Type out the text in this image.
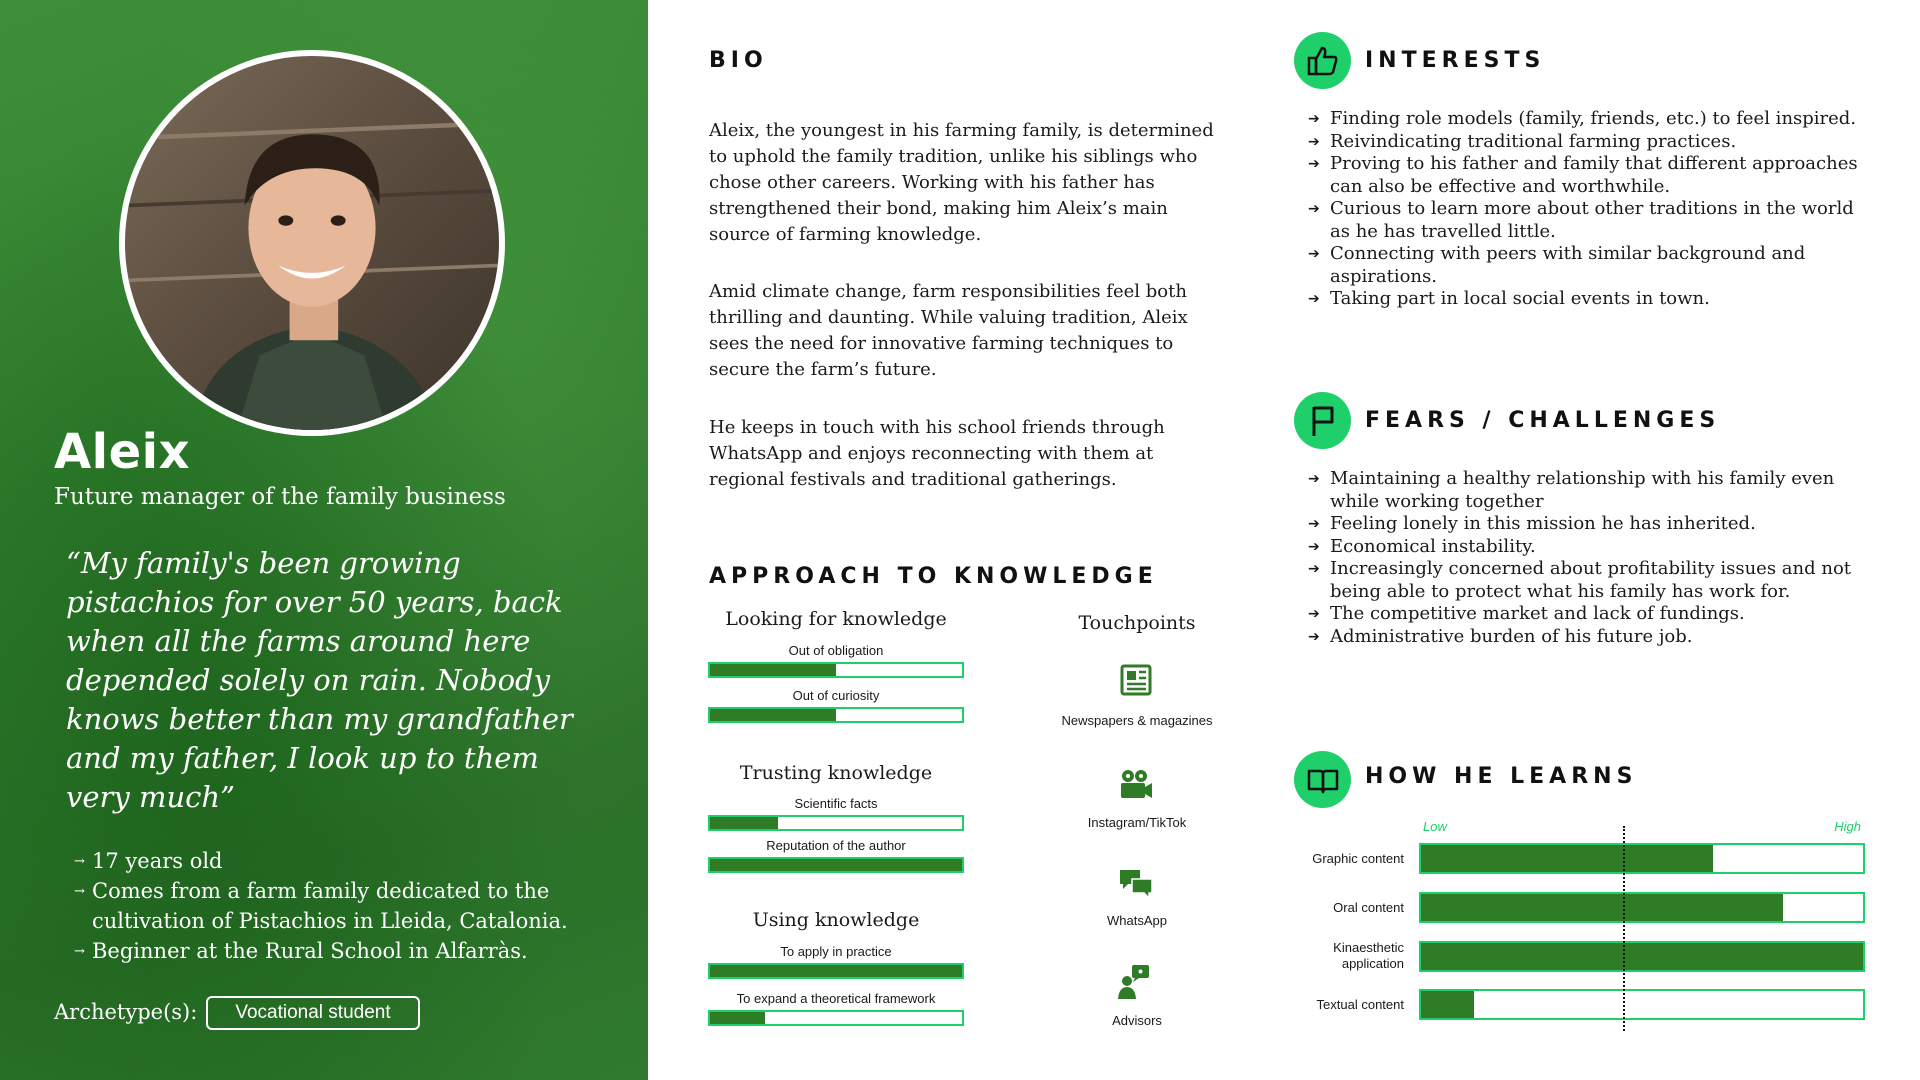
Aleix
Future manager of the family business
“My family's been growing pistachios for over 50 years, back when all the farms around here depended solely on rain. Nobody knows better than my grandfather and my father, I look up to them very much”
→ 17 years old
→ Comes from a farm family dedicated to the cultivation of Pistachios in Lleida, Catalonia.
→ Beginner at the Rural School in Alfarràs.
Archetype(s):	Vocational student
BIO

Aleix, the youngest in his farming family, is determined to uphold the family tradition, unlike his siblings who chose other careers. Working with his father has strengthened their bond, making him Aleix’s main source of farming knowledge.

Amid climate change, farm responsibilities feel both thrilling and daunting. While valuing tradition, Aleix sees the need for innovative farming techniques to secure the farm’s future.

He keeps in touch with his school friends through WhatsApp and enjoys reconnecting with them at regional festivals and traditional gatherings.

APPROACH TO KNOWLEDGE
Looking for knowledge
Out of obligation
Out of curiosity
Trusting knowledge
Scientific facts
Reputation of the author
Using knowledge
To apply in practice
To expand a theoretical framework
Touchpoints
Newspapers & magazines
Instagram/TikTok
WhatsApp
Advisors
INTERESTS
➔ Finding role models (family, friends, etc.) to feel inspired.
➔ Reivindicating traditional farming practices.
➔ Proving to his father and family that different approaches can also be effective and worthwhile.
➔ Curious to learn more about other traditions in the world as he has travelled little.
➔ Connecting with peers with similar background and aspirations.
➔ Taking part in local social events in town.
FEARS / CHALLENGES
➔ Maintaining a healthy relationship with his family even while working together
➔ Feeling lonely in this mission he has inherited.
➔ Economical instability.
➔ Increasingly concerned about profitability issues and not being able to protect what his family has work for.
➔ The competitive market and lack of fundings.
➔ Administrative burden of his future job.
HOW HE LEARNS
Low	High
Graphic content
Oral content
Kinaesthetic application
Textual content
